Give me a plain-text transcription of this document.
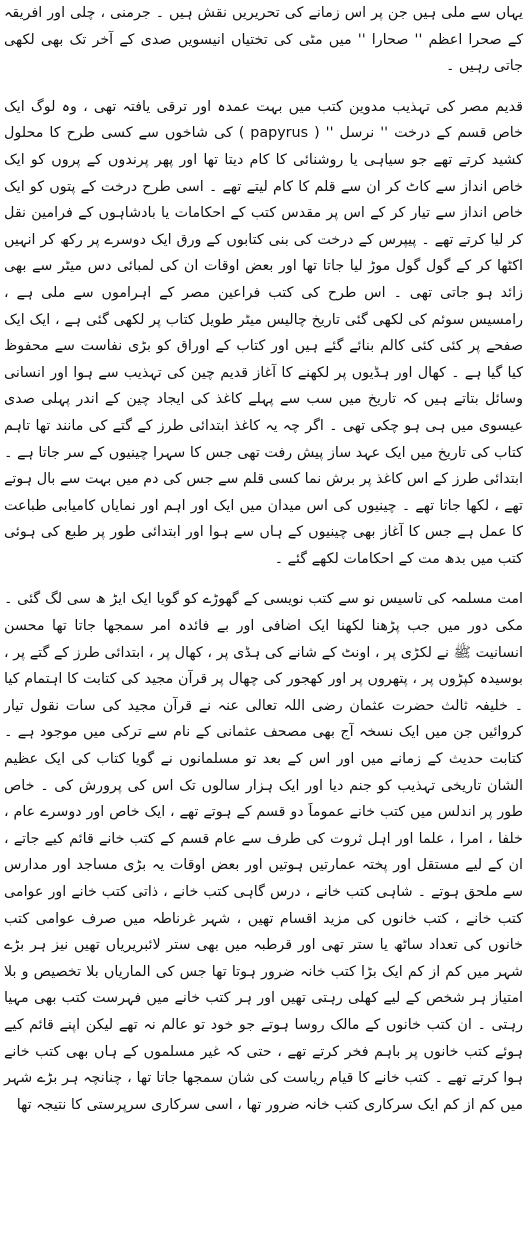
یہاں سے ملی ہیں جن پر اس زمانے کی تحریریں نقش ہیں ۔ جرمنی ، چلی اور افریقہ کے صحرا اعظم '' صحارا '' میں مٹی کی تختیاں انیسویں صدی کے آخر تک بھی لکھی جاتی رہیں ۔

قدیم مصر کی تہذیب مدوین کتب میں بہت عمدہ اور ترقی یافتہ تھی ، وہ لوگ ایک خاص قسم کے درخت '' نرسل '' ( papyrus ) کی شاخوں سے کسی طرح کا محلول کشید کرتے تھے جو سیاہی یا روشنائی کا کام دیتا تھا اور پھر پرندوں کے پروں کو ایک خاص انداز سے کاٹ کر ان سے قلم کا کام لیتے تھے ۔ اسی طرح درخت کے پتوں کو ایک خاص انداز سے تیار کر کے اس پر مقدس کتب کے احکامات یا بادشاہوں کے فرامین نقل کر لیا کرتے تھے ۔ پیپرس کے درخت کی بنی کتابوں کے ورق ایک دوسرے پر رکھ کر انہیں اکٹھا کر کے گول گول موڑ لیا جاتا تھا اور بعض اوقات ان کی لمبائی دس میٹر سے بھی زائد ہو جاتی تھی ۔ اس طرح کی کتب فراعین مصر کے اہراموں سے ملی ہے ، رامسیس سوئم کی لکھی گئی تاریخ چالیس میٹر طویل کتاب پر لکھی گئی ہے ، ایک ایک صفحے پر کئی کئی کالم بنائے گئے ہیں اور کتاب کے اوراق کو بڑی نفاست سے محفوظ کیا گیا ہے ۔ کھال اور ہڈیوں پر لکھنے کا آغاز قدیم چین کی تہذیب سے ہوا اور انسانی وسائل بتاتے ہیں کہ تاریخ میں سب سے پہلے کاغذ کی ایجاد چین کے اندر پہلی صدی عیسوی میں ہی ہو چکی تھی ۔ اگر چہ یہ کاغذ ابتدائی طرز کے گتے کی مانند تھا تاہم کتاب کی تاریخ میں ایک عہد ساز پیش رفت تھی جس کا سہرا چینیوں کے سر جاتا ہے ۔ ابتدائی طرز کے اس کاغذ پر برش نما کسی قلم سے جس کی دم میں بہت سے بال ہوتے تھے ، لکھا جاتا تھے ۔ چینیوں کی اس میدان میں ایک اور اہم اور نمایاں کامیابی طباعت کا عمل ہے جس کا آغاز بھی چینیوں کے ہاں سے ہوا اور ابتدائی طور پر طبع کی ہوئی کتب میں بدھ مت کے احکامات لکھے گئے ۔

امت مسلمہ کی تاسیس نو سے کتب نویسی کے گھوڑے کو گویا ایک ایڑ ھ سی لگ گئی ۔ مکی دور میں جب پڑھنا لکھنا ایک اضافی اور بے فائدہ امر سمجھا جاتا تھا محسن انسانیت ﷺ نے لکڑی پر ، اونٹ کے شانے کی ہڈی پر ، کھال پر ، ابتدائی طرز کے گتے پر ، بوسیدہ کپڑوں پر ، پتھروں پر اور کھجور کی چھال پر قرآن مجید کی کتابت کا اہتمام کیا ۔ خلیفہ ثالث حضرت عثمان رضی اللہ تعالی عنہ نے قرآن مجید کی سات نقول تیار کروائیں جن میں ایک نسخہ آج بھی مصحف عثمانی کے نام سے ترکی میں موجود ہے ۔ کتابت حدیث کے زمانے میں اور اس کے بعد تو مسلمانوں نے گویا کتاب کی ایک عظیم الشان تاریخی تہذیب کو جنم دیا اور ایک ہزار سالوں تک اس کی پرورش کی ۔ خاص طور پر اندلس میں کتب خانے عموماََ دو قسم کے ہوتے تھے ، ایک خاص اور دوسرے عام ، خلفا ، امرا ، علما اور اہل ثروت کی طرف سے عام قسم کے کتب خانے قائم کیے جاتے ، ان کے لیے مستقل اور پختہ عمارتیں ہوتیں اور بعض اوقات یہ بڑی مساجد اور مدارس سے ملحق ہوتے ۔ شاہی کتب خانے ، درس گاہی کتب خانے ، ذاتی کتب خانے اور عوامی کتب خانے ، کتب خانوں کی مزید اقسام تھیں ، شہر غرناطہ میں صرف عوامی کتب خانوں کی تعداد ساٹھ یا ستر تھی اور قرطبہ میں بھی ستر لائبریریاں تھیں نیز ہر بڑے شہر میں کم از کم ایک بڑا کتب خانہ ضرور ہوتا تھا جس کی الماریاں بلا تخصیص و بلا امتیاز ہر شخص کے لیے کھلی رہتی تھیں اور ہر کتب خانے میں فہرست کتب بھی مہیا رہتی ۔ ان کتب خانوں کے مالک روسا ہوتے جو خود تو عالم نہ تھے لیکن اپنے قائم کیے ہوئے کتب خانوں پر باہم فخر کرتے تھے ، حتی کہ غیر مسلموں کے ہاں بھی کتب خانے ہوا کرتے تھے ۔ کتب خانے کا قیام ریاست کی شان سمجھا جاتا تھا ، چنانچہ ہر بڑے شہر میں کم از کم ایک سرکاری کتب خانہ ضرور تھا ، اسی سرکاری سرپرستی کا نتیجہ تھا
